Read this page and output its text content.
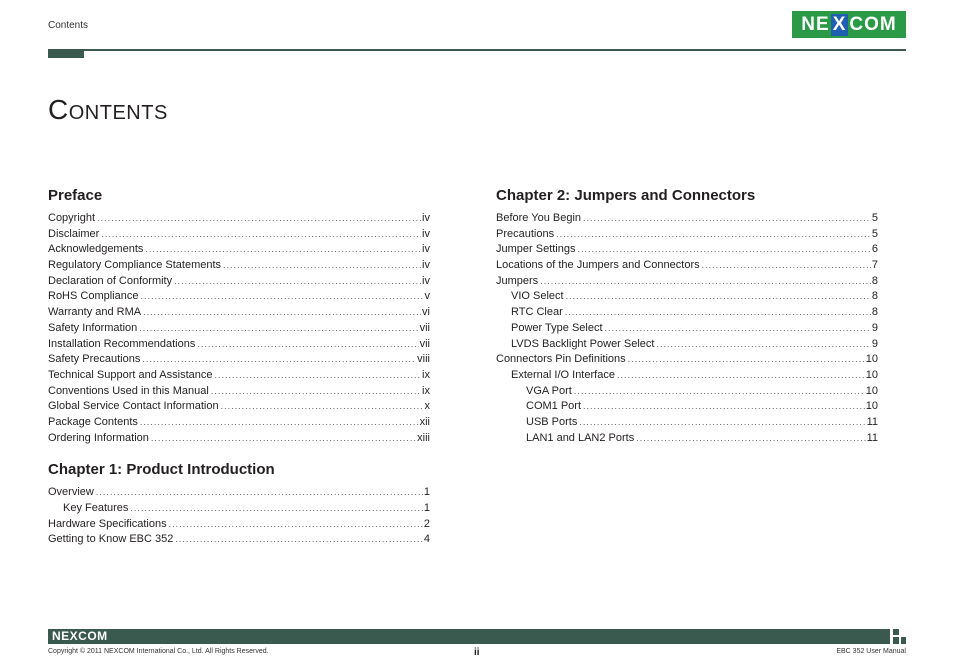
Contents	NE X COM
Contents
Preface
Copyright .....	iv
Disclaimer .....	iv
Acknowledgements .....	iv
Regulatory Compliance Statements .....	iv
Declaration of Conformity .....	iv
RoHS Compliance .....	v
Warranty and RMA .....	vi
Safety Information .....	vii
Installation Recommendations .....	vii
Safety Precautions .....	viii
Technical Support and Assistance .....	ix
Conventions Used in this Manual .....	ix
Global Service Contact Information .....	x
Package Contents .....	xii
Ordering Information .....	xiii
Chapter 1: Product Introduction
Overview .....	1
Key Features .....	1
Hardware Specifications .....	2
Getting to Know EBC 352 .....	4
Chapter 2: Jumpers and Connectors
Before You Begin .....	5
Precautions .....	5
Jumper Settings .....	6
Locations of the Jumpers and Connectors .....	7
Jumpers .....	8
VIO Select .....	8
RTC Clear .....	8
Power Type Select .....	9
LVDS Backlight Power Select .....	9
Connectors Pin Definitions .....	10
External I/O Interface .....	10
VGA Port .....	10
COM1 Port .....	10
USB Ports .....	11
LAN1 and LAN2 Ports .....	11
NEXCOM
Copyright © 2011 NEXCOM International Co., Ltd. All Rights Reserved.	ii	EBC 352 User Manual
